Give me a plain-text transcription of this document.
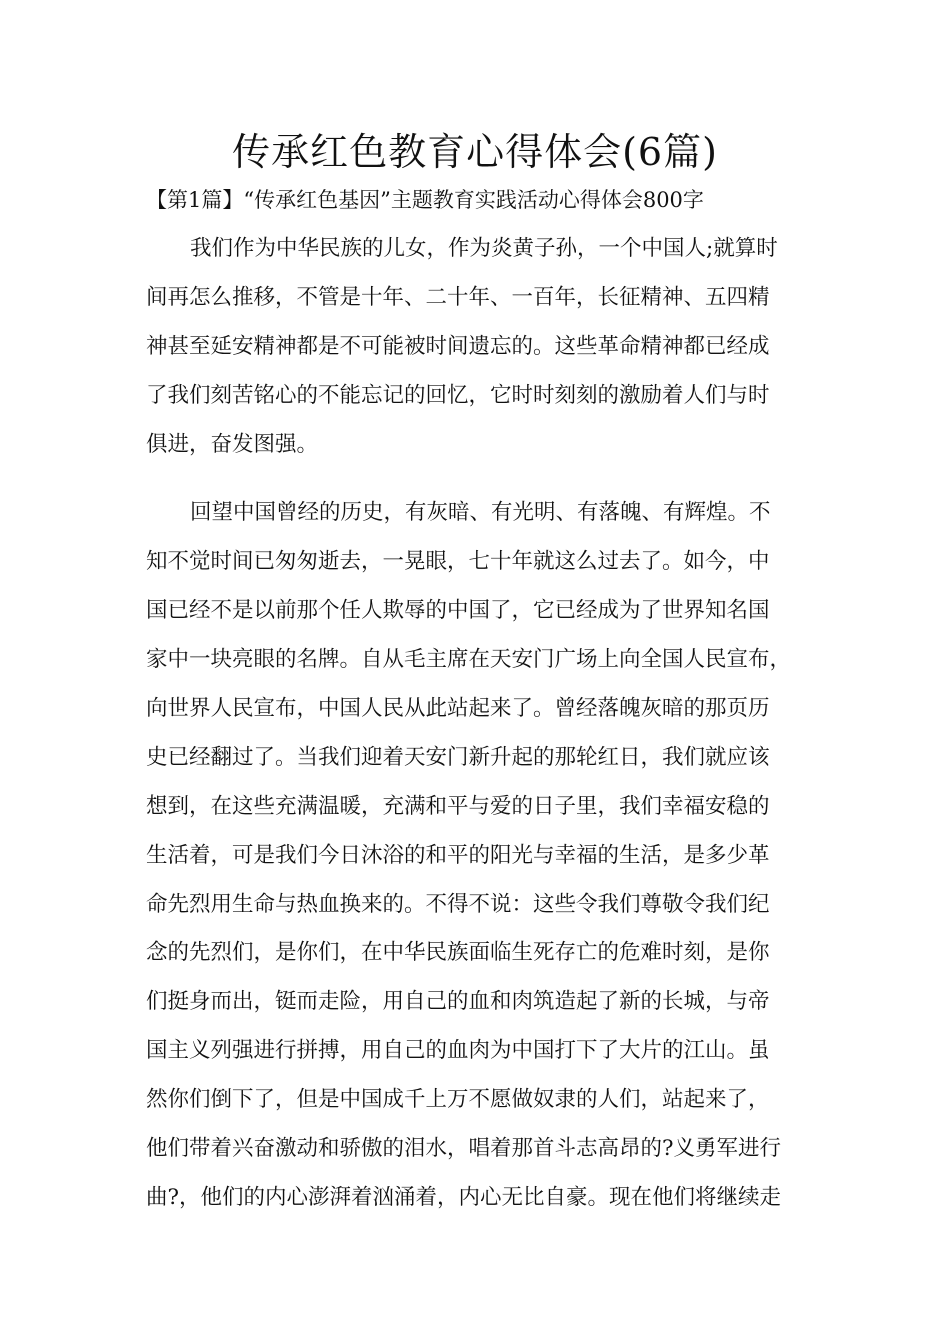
传承红色教育心得体会(6篇)

【第1篇】“传承红色基因”主题教育实践活动心得体会800字

我们作为中华民族的儿女，作为炎黄子孙，一个中国人;就算时
间再怎么推移，不管是十年、二十年、一百年，长征精神、五四精
神甚至延安精神都是不可能被时间遗忘的。这些革命精神都已经成
了我们刻苦铭心的不能忘记的回忆，它时时刻刻的激励着人们与时
俱进，奋发图强。
回望中国曾经的历史，有灰暗、有光明、有落魄、有辉煌。不
知不觉时间已匆匆逝去，一晃眼，七十年就这么过去了。如今，中
国已经不是以前那个任人欺辱的中国了，它已经成为了世界知名国
家中一块亮眼的名牌。自从毛主席在天安门广场上向全国人民宣布，
向世界人民宣布，中国人民从此站起来了。曾经落魄灰暗的那页历
史已经翻过了。当我们迎着天安门新升起的那轮红日，我们就应该
想到，在这些充满温暖，充满和平与爱的日子里，我们幸福安稳的
生活着，可是我们今日沐浴的和平的阳光与幸福的生活，是多少革
命先烈用生命与热血换来的。不得不说：这些令我们尊敬令我们纪
念的先烈们，是你们，在中华民族面临生死存亡的危难时刻，是你
们挺身而出，铤而走险，用自己的血和肉筑造起了新的长城，与帝
国主义列强进行拼搏，用自己的血肉为中国打下了大片的江山。虽
然你们倒下了，但是中国成千上万不愿做奴隶的人们，站起来了，
他们带着兴奋激动和骄傲的泪水，唱着那首斗志高昂的?义勇军进行
曲?，他们的内心澎湃着汹涌着，内心无比自豪。现在他们将继续走
